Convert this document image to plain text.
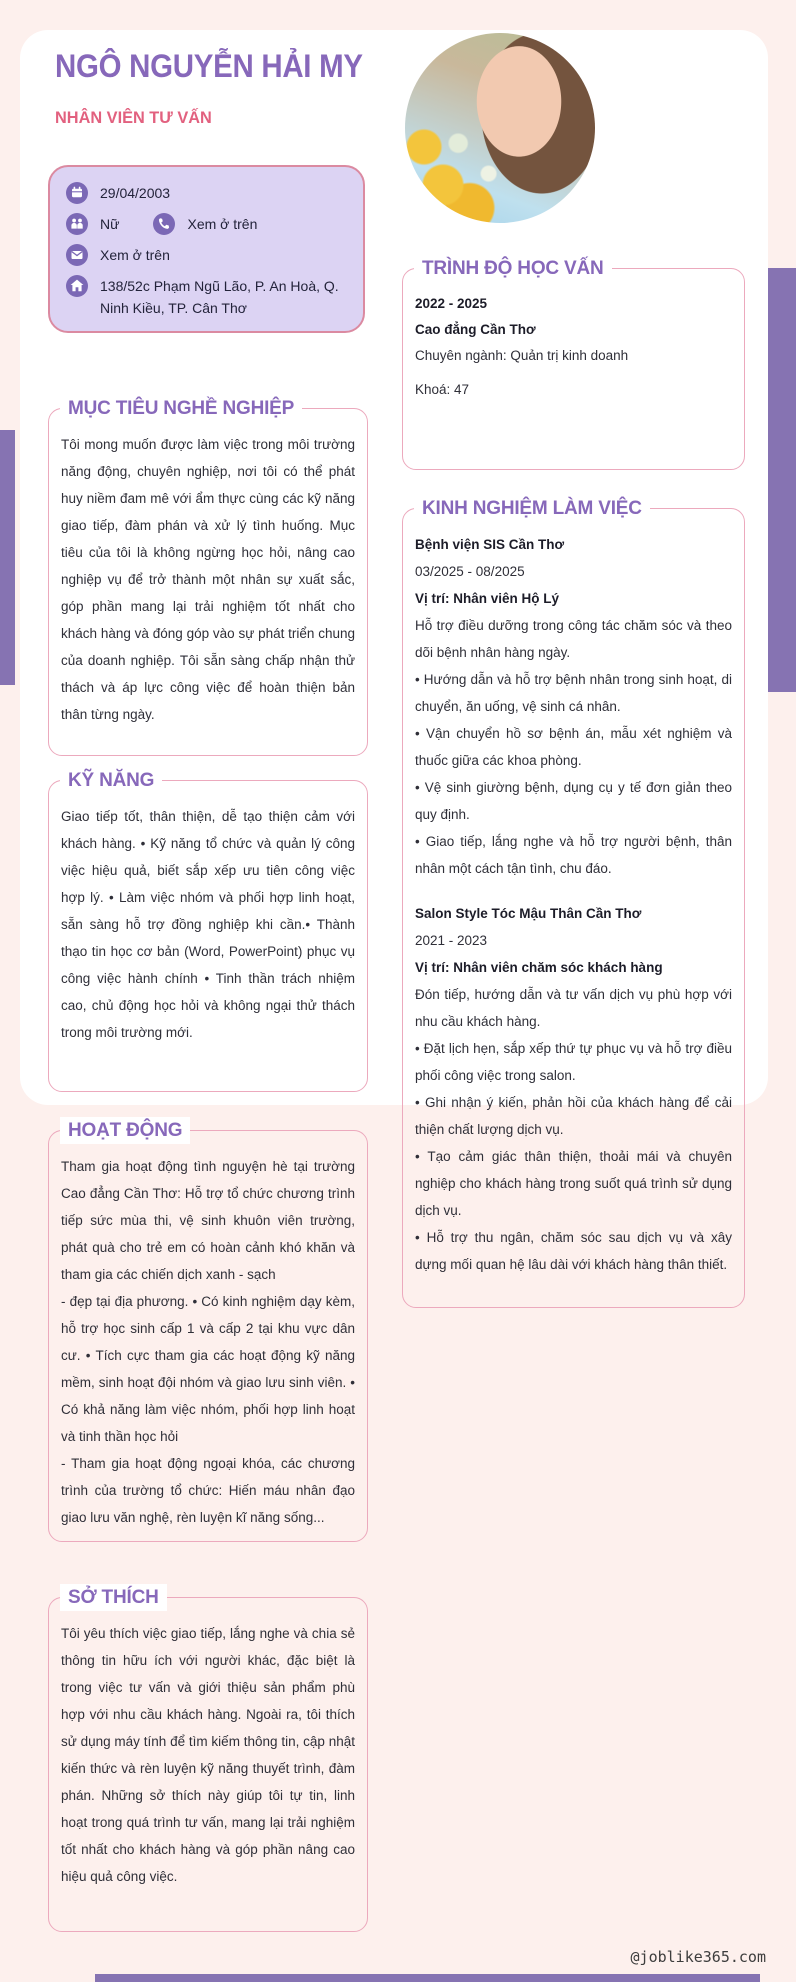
NGÔ NGUYỄN HẢI MY
NHÂN VIÊN TƯ VẤN
29/04/2003
Nữ	Xem ở trên
Xem ở trên
138/52c Phạm Ngũ Lão, P. An Hoà, Q. Ninh Kiều, TP. Cân Thơ
MỤC TIÊU NGHỀ NGHIỆP
Tôi mong muốn được làm việc trong môi trường năng động, chuyên nghiệp, nơi tôi có thể phát huy niềm đam mê với ẩm thực cùng các kỹ năng giao tiếp, đàm phán và xử lý tình huống. Mục tiêu của tôi là không ngừng học hỏi, nâng cao nghiệp vụ để trở thành một nhân sự xuất sắc, góp phần mang lại trải nghiệm tốt nhất cho khách hàng và đóng góp vào sự phát triển chung của doanh nghiệp. Tôi sẵn sàng chấp nhận thử thách và áp lực công việc để hoàn thiện bản thân từng ngày.
KỸ NĂNG
Giao tiếp tốt, thân thiện, dễ tạo thiện cảm với khách hàng. • Kỹ năng tổ chức và quản lý công việc hiệu quả, biết sắp xếp ưu tiên công việc hợp lý. • Làm việc nhóm và phối hợp linh hoạt, sẵn sàng hỗ trợ đồng nghiệp khi cần.• Thành thạo tin học cơ bản (Word, PowerPoint) phục vụ công việc hành chính • Tinh thần trách nhiệm cao, chủ động học hỏi và không ngại thử thách trong môi trường mới.
HOẠT ĐỘNG

Tham gia hoạt động tình nguyện hè tại trường Cao đẳng Cần Thơ: Hỗ trợ tổ chức chương trình tiếp sức mùa thi, vệ sinh khuôn viên trường, phát quà cho trẻ em có hoàn cảnh khó khăn và tham gia các chiến dịch xanh - sạch

- đẹp tại địa phương. • Có kinh nghiệm dạy kèm, hỗ trợ học sinh cấp 1 và cấp 2 tại khu vực dân cư. • Tích cực tham gia các hoạt động kỹ năng mềm, sinh hoạt đội nhóm và giao lưu sinh viên. • Có khả năng làm việc nhóm, phối hợp linh hoạt và tinh thần học hỏi

- Tham gia hoạt động ngoại khóa, các chương trình của trường tổ chức: Hiến máu nhân đạo giao lưu văn nghệ, rèn luyện kĩ năng sống...

SỞ THÍCH
Tôi yêu thích việc giao tiếp, lắng nghe và chia sẻ thông tin hữu ích với người khác, đặc biệt là trong việc tư vấn và giới thiệu sản phẩm phù hợp với nhu cầu khách hàng. Ngoài ra, tôi thích sử dụng máy tính để tìm kiếm thông tin, cập nhật kiến thức và rèn luyện kỹ năng thuyết trình, đàm phán. Những sở thích này giúp tôi tự tin, linh hoạt trong quá trình tư vấn, mang lại trải nghiệm tốt nhất cho khách hàng và góp phần nâng cao hiệu quả công việc.
TRÌNH ĐỘ HỌC VẤN
2022 - 2025
Cao đẳng Cần Thơ
Chuyên ngành: Quản trị kinh doanh
Khoá: 47
KINH NGHIỆM LÀM VIỆC
Bệnh viện SIS Cần Thơ
03/2025 - 08/2025
Vị trí: Nhân viên Hộ Lý

Hỗ trợ điều dưỡng trong công tác chăm sóc và theo dõi bệnh nhân hàng ngày.

• Hướng dẫn và hỗ trợ bệnh nhân trong sinh hoạt, di chuyển, ăn uống, vệ sinh cá nhân.

• Vận chuyển hồ sơ bệnh án, mẫu xét nghiệm và thuốc giữa các khoa phòng.

• Vệ sinh giường bệnh, dụng cụ y tế đơn giản theo quy định.

• Giao tiếp, lắng nghe và hỗ trợ người bệnh, thân nhân một cách tận tình, chu đáo.

Salon Style Tóc Mậu Thân Cần Thơ
2021 - 2023
Vị trí: Nhân viên chăm sóc khách hàng

Đón tiếp, hướng dẫn và tư vấn dịch vụ phù hợp với nhu cầu khách hàng.

• Đặt lịch hẹn, sắp xếp thứ tự phục vụ và hỗ trợ điều phối công việc trong salon.

• Ghi nhận ý kiến, phản hồi của khách hàng để cải thiện chất lượng dịch vụ.

• Tạo cảm giác thân thiện, thoải mái và chuyên nghiệp cho khách hàng trong suốt quá trình sử dụng dịch vụ.

• Hỗ trợ thu ngân, chăm sóc sau dịch vụ và xây dựng mối quan hệ lâu dài với khách hàng thân thiết.

@joblike365.com
